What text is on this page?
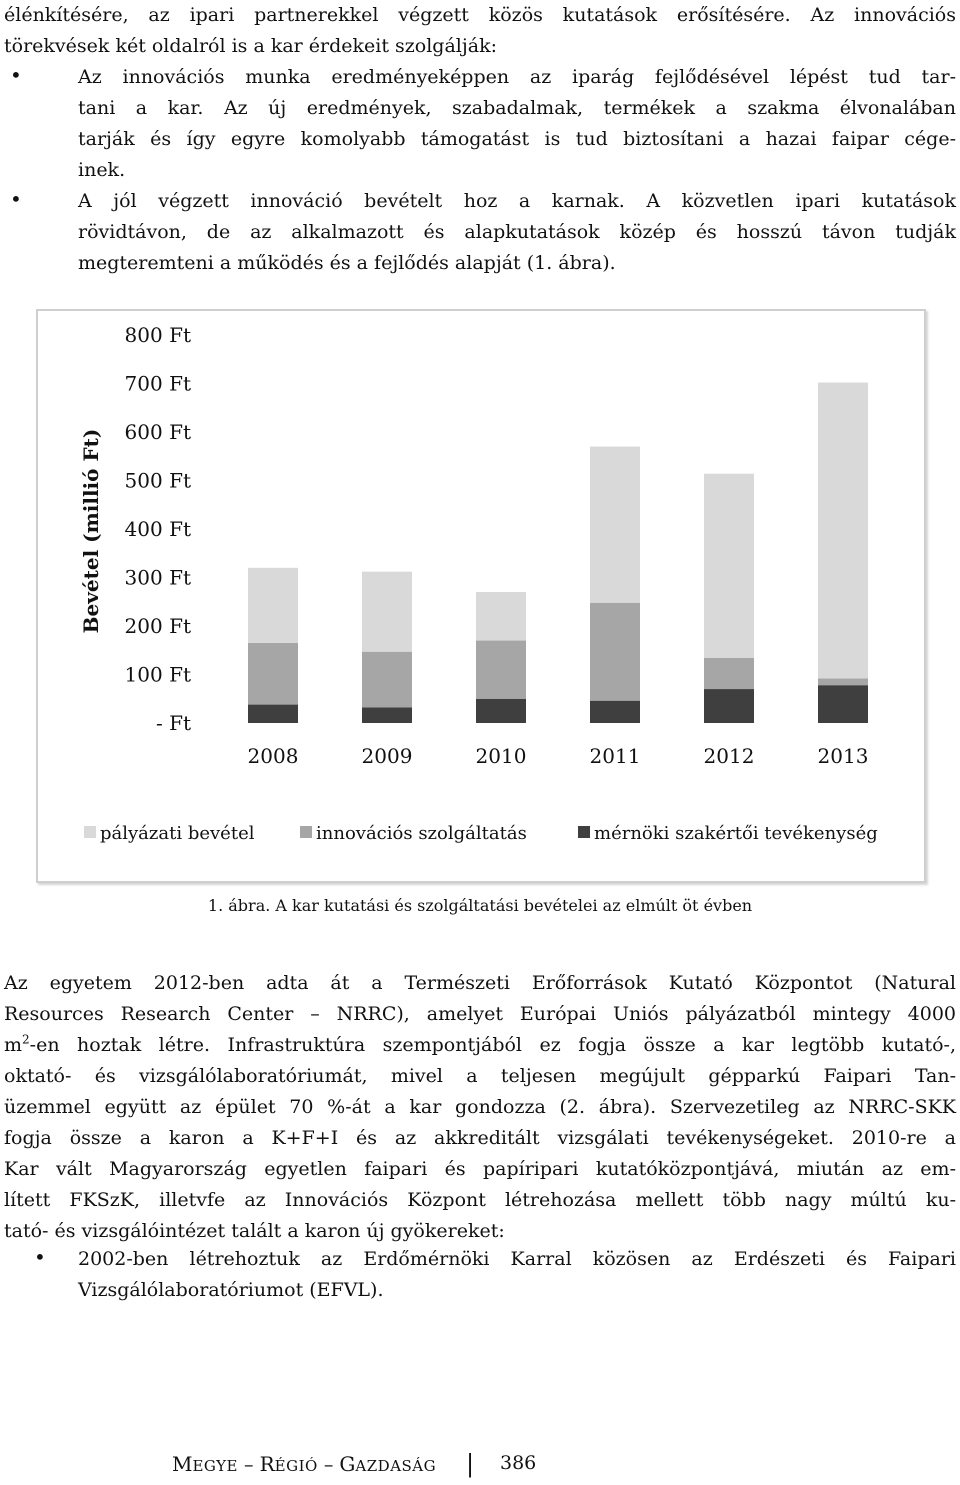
élénkítésére, az ipari partnerekkel végzett közös kutatások erősítésére. Az innovációs
törekvések két oldalról is a kar érdekeit szolgálják:
•	Az innovációs munka eredményeképpen az iparág fejlődésével lépést tud tar-
tani a kar. Az új eredmények, szabadalmak, termékek a szakma élvonalában
tarják és így egyre komolyabb támogatást is tud biztosítani a hazai faipar cége-
inek.
•	A jól végzett innováció bevételt hoz a karnak. A közvetlen ipari kutatások
rövidtávon, de az alkalmazott és alapkutatások közép és hosszú távon tudják
megteremteni a működés és a fejlődés alapját (1. ábra).
Bevétel (millió Ft)
- Ft
100 Ft
200 Ft
300 Ft
400 Ft
500 Ft
600 Ft
700 Ft
800 Ft
2008	2009	2010	2011	2012	2013
pályázati bevétel	innovációs szolgáltatás	mérnöki szakértői tevékenység
1. ábra. A kar kutatási és szolgáltatási bevételei az elmúlt öt évben
Az egyetem 2012-ben adta át a Természeti Erőforrások Kutató Központot (Natural
Resources Research Center – NRRC), amelyet Európai Uniós pályázatból mintegy 4000
$m^2-en$ hoztak létre. Infrastruktúra szempontjából ez fogja össze a kar legtöbb kutató-,
oktató- és vizsgálólaboratóriumát, mivel a teljesen megújult gépparkú Faipari Tan-
üzemmel együtt az épület 70 %-át a kar gondozza (2. ábra). Szervezetileg az NRRC-SKK
fogja össze a karon a K+F+I és az akkreditált vizsgálati tevékenységeket. 2010-re a
Kar vált Magyarország egyetlen faipari és papíripari kutatóközpontjává, miután az em-
lített FKSzK, illetvfe az Innovációs Központ létrehozása mellett több nagy múltú ku-
tató- és vizsgálóintézet talált a karon új gyökereket:
• 2002-ben létrehoztuk az Erdőmérnöki Karral közösen az Erdészeti és Faipari
Vizsgálólaboratóriumot (EFVL).
MEGYE – RÉGIÓ – GAZDASÁG | 386
